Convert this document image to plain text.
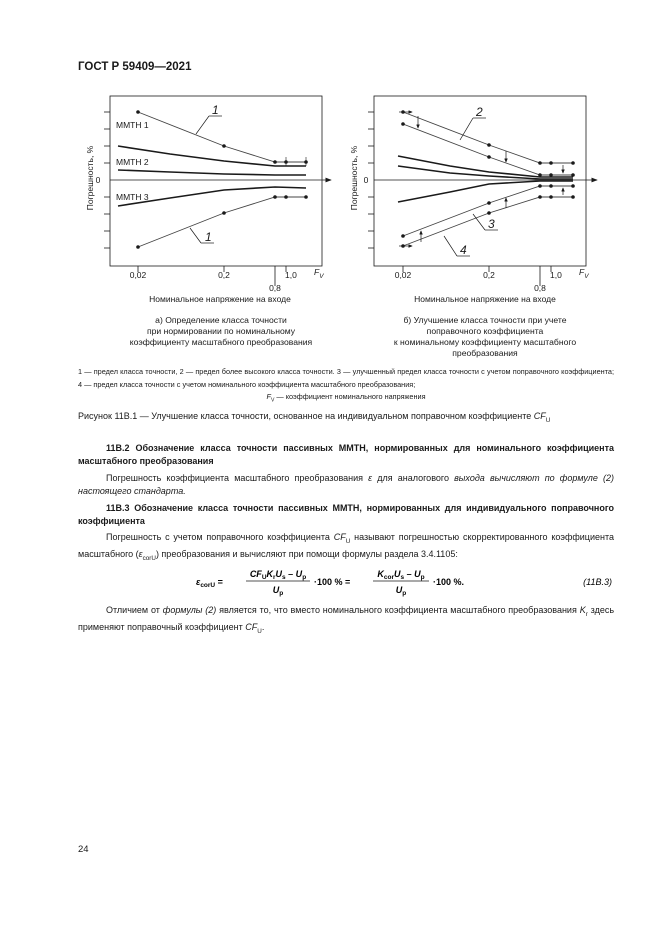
ГОСТ Р 59409—2021
0
Погрешность, %
0,02	0,2
0,8
1,0 $F_V$
Номинальное напряжение на входе
ММТН 1
ММТН 2
ММТН 3
1
1
0
Погрешность, %
0,02	0,2
0,8
1,0 $F_V$
Номинальное напряжение на входе
2
3
4
а) Определение класса точности
при нормировании по номинальному
коэффициенту масштабного преобразования
б) Улучшение класса точности при учете
поправочного коэффициента
к номинальному коэффициенту масштабного
преобразования
1 — предел класса точности, 2 — предел более высокого класса точности. 3 — улучшенный предел класса точности с учетом поправочного коэффициента; 4 — предел класса точности с учетом номинального коэффициента масштабного преобразования;
$F_V$ — коэффициент номинального напряжения
Рисунок 11В.1 — Улучшение класса точности, основанное на индивидуальном поправочном коэффициенте $CF_U$
11В.2 Обозначение класса точности пассивных ММТН, нормированных для номинального коэффициента масштабного преобразования
Погрешность коэффициента масштабного преобразования ε для аналогового выхода вычисляют по формуле (2) настоящего стандарта.
11В.3 Обозначение класса точности пассивных ММТН, нормированных для индивидуального поправочного коэффициента
Погрешность с учетом поправочного коэффициента $CF_U$ называют погрешностью скорректированного коэффициента масштабного $(\varepsilon_{corU})$ преобразования и вычисляют при помощи формулы раздела 3.4.1105:
$\varepsilon_{corU}$ =
$CF_UK_rU_s - U_p$
$U_p$
·100 % =
$K_{cor}U_s - U_p$
$U_p$
·100 %.	(11В.3)
Отличием от формулы (2) является то, что вместо номинального коэффициента масштабного преобразования $K_r$ здесь применяют поправочный коэффициент $CF_U$.
24
